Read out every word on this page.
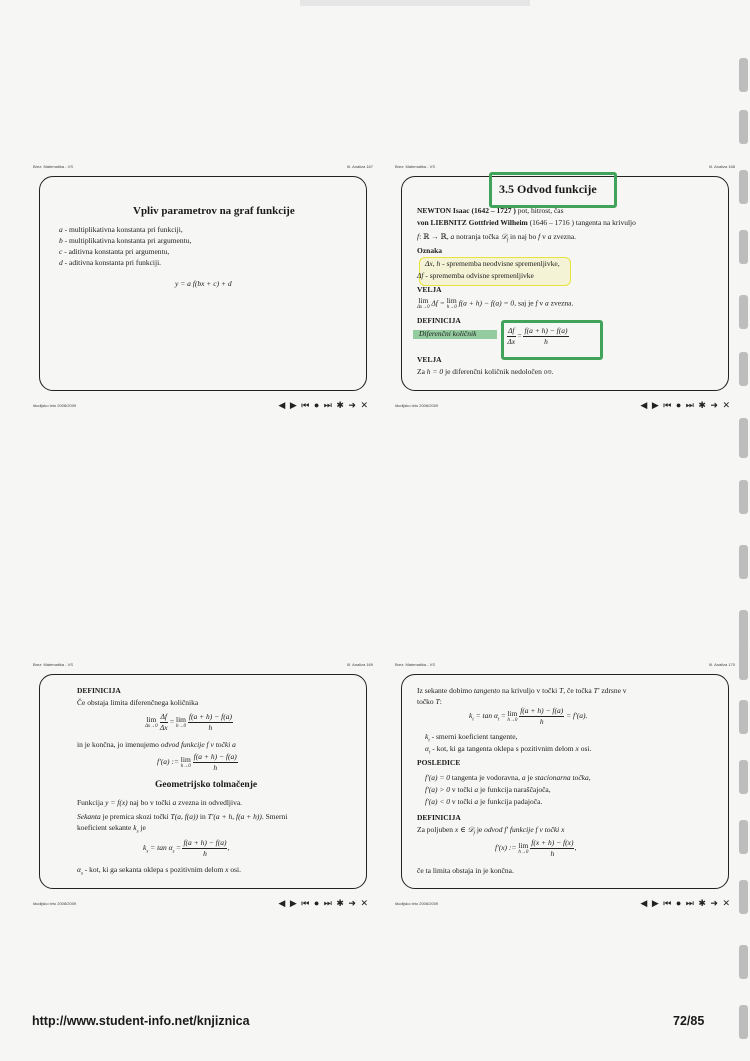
Brez: Matematika - VS	III. Analiza 167
Vpliv parametrov na graf funkcije
a - multiplikativna konstanta pri funkciji,
b - multiplikativna konstanta pri argumentu,
c - aditivna konstanta pri argumentu,
d - aditivna konstanta pri funkciji.
y = a f(bx + c) + d
študijsko leto 2008/2009	◀ ▶ ⏮ ● ⏭ ✱ ➜ ✕
Brez: Matematika - VS	III. Analiza 168
3.5 Odvod funkcije
NEWTON Isaac (1642 – 1727 ) pot, hitrost, čas
von LIEBNITZ Gottfried Wilheim (1646 – 1716 ) tangenta na krivuljo
f: ℝ → ℝ, a notranja točka 𝒟$_f$ in naj bo f v a zvezna.
Oznaka
Δx, h - sprememba neodvisne spremenljivke,
Δf - sprememba odvisne spremenljivke
VELJA
lim
Δx→0 Δf = lim
h→0 f(a + h) − f(a) = 0, saj je f v a zvezna.
DEFINICIJA
Diferenčni količnik	$\frac{\Delta f}{\Delta x} = \frac{f(a + h) - f(a)}{h}$
VELJA
Za h = 0 je diferenčni količnik nedoločen 0/0.
študijsko leto 2008/2009	◀ ▶ ⏮ ● ⏭ ✱ ➜ ✕
Brez: Matematika - VS	III. Analiza 169
DEFINICIJA
Če obstaja limita diferenčnega količnika
lim
Δx→0
$\frac{\Delta f}{\Delta x} = \lim$
h→0
$\frac{f(a + h) - f(a)}{h}$
in je končna, jo imenujemo odvod funkcije f v točki a
f′(a) := lim
h→0
$\frac{f(a + h) - f(a)}{h}$
Geometrijsko tolmačenje
Funkcija y = f(x) naj bo v točki a zvezna in odvedljiva.
Sekanta je premica skozi točki T(a, f(a)) in T′(a + h, f(a + h)). Smerni
koeficient sekante $k_s$ je
$k_s = \tan \alpha_s = \frac{f(a + h) - f(a)}{h}$ ,
$\alpha_s$ - kot, ki ga sekanta oklepa s pozitivnim delom x osi.
študijsko leto 2008/2009	◀ ▶ ⏮ ● ⏭ ✱ ➜ ✕
Brez: Matematika - VS	III. Analiza 170
Iz sekante dobimo tangento na krivuljo v točki T, če točka T′ zdrsne v
točko T:
$k_t = \tan \alpha_t = \lim$
h→0
$\frac{f(a + h) - f(a)}{h} = f'(a)$.
$k_t$ - smerni koeficient tangente,
$\alpha_t$ - kot, ki ga tangenta oklepa s pozitivnim delom x osi.
POSLEDICE
f′(a) = 0 tangenta je vodoravna, a je stacionarna točka,
f′(a) > 0 v točki a je funkcija naraščajoča,
f′(a) < 0 v točki a je funkcija padajoča.
DEFINICIJA
Za poljuben x ∈ 𝒟$_f$ je odvod f′ funkcije f v točki x
f′(x) := lim
h→0
$\frac{f(x + h) - f(x)}{h}$ ,
če ta limita obstaja in je končna.
študijsko leto 2008/2009	◀ ▶ ⏮ ● ⏭ ✱ ➜ ✕
http://www.student-info.net/knjiznica	72/85
